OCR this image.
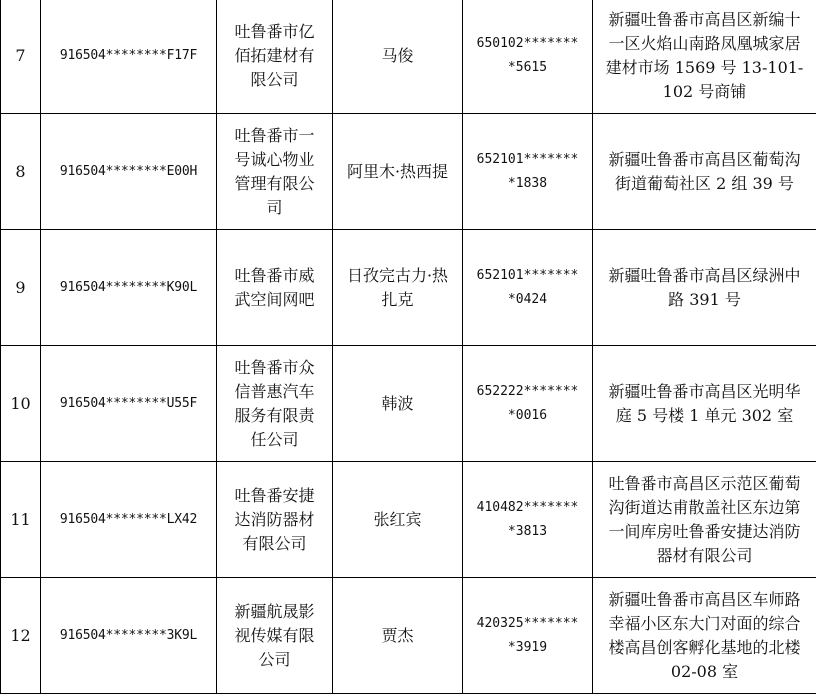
7	916504********F17F	吐鲁番市亿佰拓建材有限公司	马俊	650102********5615	新疆吐鲁番市高昌区新编十一区火焰山南路凤凰城家居建材市场 1569 号 13-101-102 号商铺
8	916504********E00H	吐鲁番市一号诚心物业管理有限公司	阿里木·热西提	652101********1838	新疆吐鲁番市高昌区葡萄沟街道葡萄社区 2 组 39 号
9	916504********K90L	吐鲁番市威武空间网吧	日孜完古力·热扎克	652101********0424	新疆吐鲁番市高昌区绿洲中路 391 号
10	916504********U55F	吐鲁番市众信普惠汽车服务有限责任公司	韩波	652222********0016	新疆吐鲁番市高昌区光明华庭 5 号楼 1 单元 302 室
11	916504********LX42	吐鲁番安捷达消防器材有限公司	张红宾	410482********3813	吐鲁番市高昌区示范区葡萄沟街道达甫散盖社区东边第一间库房吐鲁番安捷达消防器材有限公司
12	916504********3K9L	新疆航晟影视传媒有限公司	贾杰	420325********3919	新疆吐鲁番市高昌区车师路幸福小区东大门对面的综合楼高昌创客孵化基地的北楼 02-08 室
